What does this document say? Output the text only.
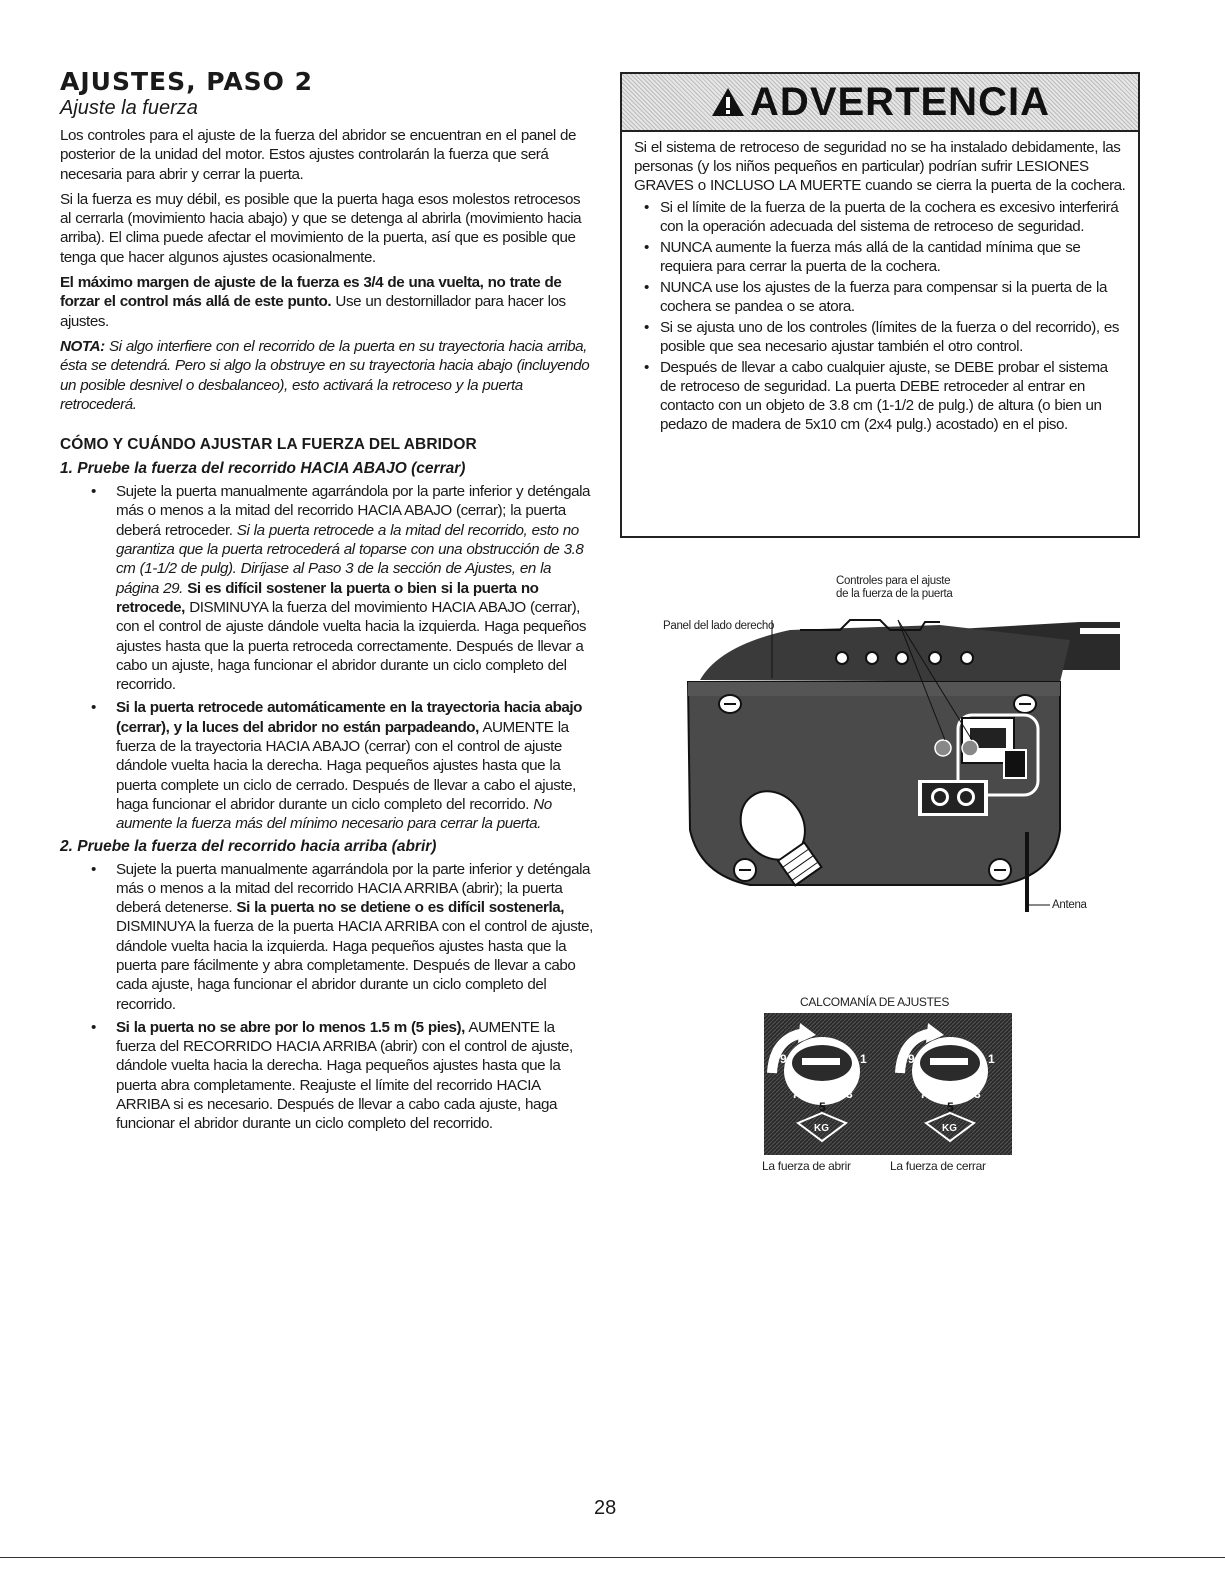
AJUSTES, PASO 2
Ajuste la fuerza

Los controles para el ajuste de la fuerza del abridor se encuentran en el panel de posterior de la unidad del motor. Estos ajustes controlarán la fuerza que será necesaria para abrir y cerrar la puerta.

Si la fuerza es muy débil, es posible que la puerta haga esos molestos retrocesos al cerrarla (movimiento hacia abajo) y que se detenga al abrirla (movimiento hacia arriba). El clima puede afectar el movimiento de la puerta, así que es posible que tenga que hacer algunos ajustes ocasionalmente.

El máximo margen de ajuste de la fuerza es 3/4 de una vuelta, no trate de forzar el control más allá de este punto. Use un destornillador para hacer los ajustes.

NOTA: Si algo interfiere con el recorrido de la puerta en su trayectoria hacia arriba, ésta se detendrá. Pero si algo la obstruye en su trayectoria hacia abajo (incluyendo un posible desnivel o desbalanceo), esto activará la retroceso y la puerta retrocederá.

CÓMO Y CUÁNDO AJUSTAR LA FUERZA DEL ABRIDOR
1. Pruebe la fuerza del recorrido HACIA ABAJO (cerrar)
• Sujete la puerta manualmente agarrándola por la parte inferior y deténgala más o menos a la mitad del recorrido HACIA ABAJO (cerrar); la puerta deberá retroceder. Si la puerta retrocede a la mitad del recorrido, esto no garantiza que la puerta retrocederá al toparse con una obstrucción de 3.8 cm (1-1/2 de pulg). Diríjase al Paso 3 de la sección de Ajustes, en la página 29. Si es difícil sostener la puerta o bien si la puerta no retrocede, DISMINUYA la fuerza del movimiento HACIA ABAJO (cerrar), con el control de ajuste dándole vuelta hacia la izquierda. Haga pequeños ajustes hasta que la puerta retroceda correctamente. Después de llevar a cabo un ajuste, haga funcionar el abridor durante un ciclo completo del recorrido.
• Si la puerta retrocede automáticamente en la trayectoria hacia abajo (cerrar), y la luces del abridor no están parpadeando, AUMENTE la fuerza de la trayectoria HACIA ABAJO (cerrar) con el control de ajuste dándole vuelta hacia la derecha. Haga pequeños ajustes hasta que la puerta complete un ciclo de cerrado. Después de llevar a cabo el ajuste, haga funcionar el abridor durante un ciclo completo del recorrido. No aumente la fuerza más del mínimo necesario para cerrar la puerta.
2. Pruebe la fuerza del recorrido hacia arriba (abrir)
• Sujete la puerta manualmente agarrándola por la parte inferior y deténgala más o menos a la mitad del recorrido HACIA ARRIBA (abrir); la puerta deberá detenerse. Si la puerta no se detiene o es difícil sostenerla, DISMINUYA la fuerza de la puerta HACIA ARRIBA con el control de ajuste, dándole vuelta hacia la izquierda. Haga pequeños ajustes hasta que la puerta pare fácilmente y abra completamente. Después de llevar a cabo cada ajuste, haga funcionar el abridor durante un ciclo completo del recorrido.
• Si la puerta no se abre por lo menos 1.5 m (5 pies), AUMENTE la fuerza del RECORRIDO HACIA ARRIBA (abrir) con el control de ajuste, dándole vuelta hacia la derecha. Haga pequeños ajustes hasta que la puerta abra completamente. Reajuste el límite del recorrido HACIA ARRIBA si es necesario. Después de llevar a cabo cada ajuste, haga funcionar el abridor durante un ciclo completo del recorrido.
ADVERTENCIA

Si el sistema de retroceso de seguridad no se ha instalado debidamente, las personas (y los niños pequeños en particular) podrían sufrir LESIONES GRAVES o INCLUSO LA MUERTE cuando se cierra la puerta de la cochera.

• Si el límite de la fuerza de la puerta de la cochera es excesivo interferirá con la operación adecuada del sistema de retroceso de seguridad.
• NUNCA aumente la fuerza más allá de la cantidad mínima que se requiera para cerrar la puerta de la cochera.
• NUNCA use los ajustes de la fuerza para compensar si la puerta de la cochera se pandea o se atora.
• Si se ajusta uno de los controles (límites de la fuerza o del recorrido), es posible que sea necesario ajustar también el otro control.
• Después de llevar a cabo cualquier ajuste, se DEBE probar el sistema de retroceso de seguridad. La puerta DEBE retroceder al entrar en contacto con un objeto de 3.8 cm (1-1/2 de pulg.) de altura (o bien un pedazo de madera de 5x10 cm (2x4 pulg.) acostado) en el piso.
Controles para el ajuste
de la fuerza de la puerta
Panel del lado derecho
Antena
CALCOMANÍA DE AJUSTES
9	1
7	3
5
KG
9	1
7	3
5
KG
La fuerza de abrir	La fuerza de cerrar
28
